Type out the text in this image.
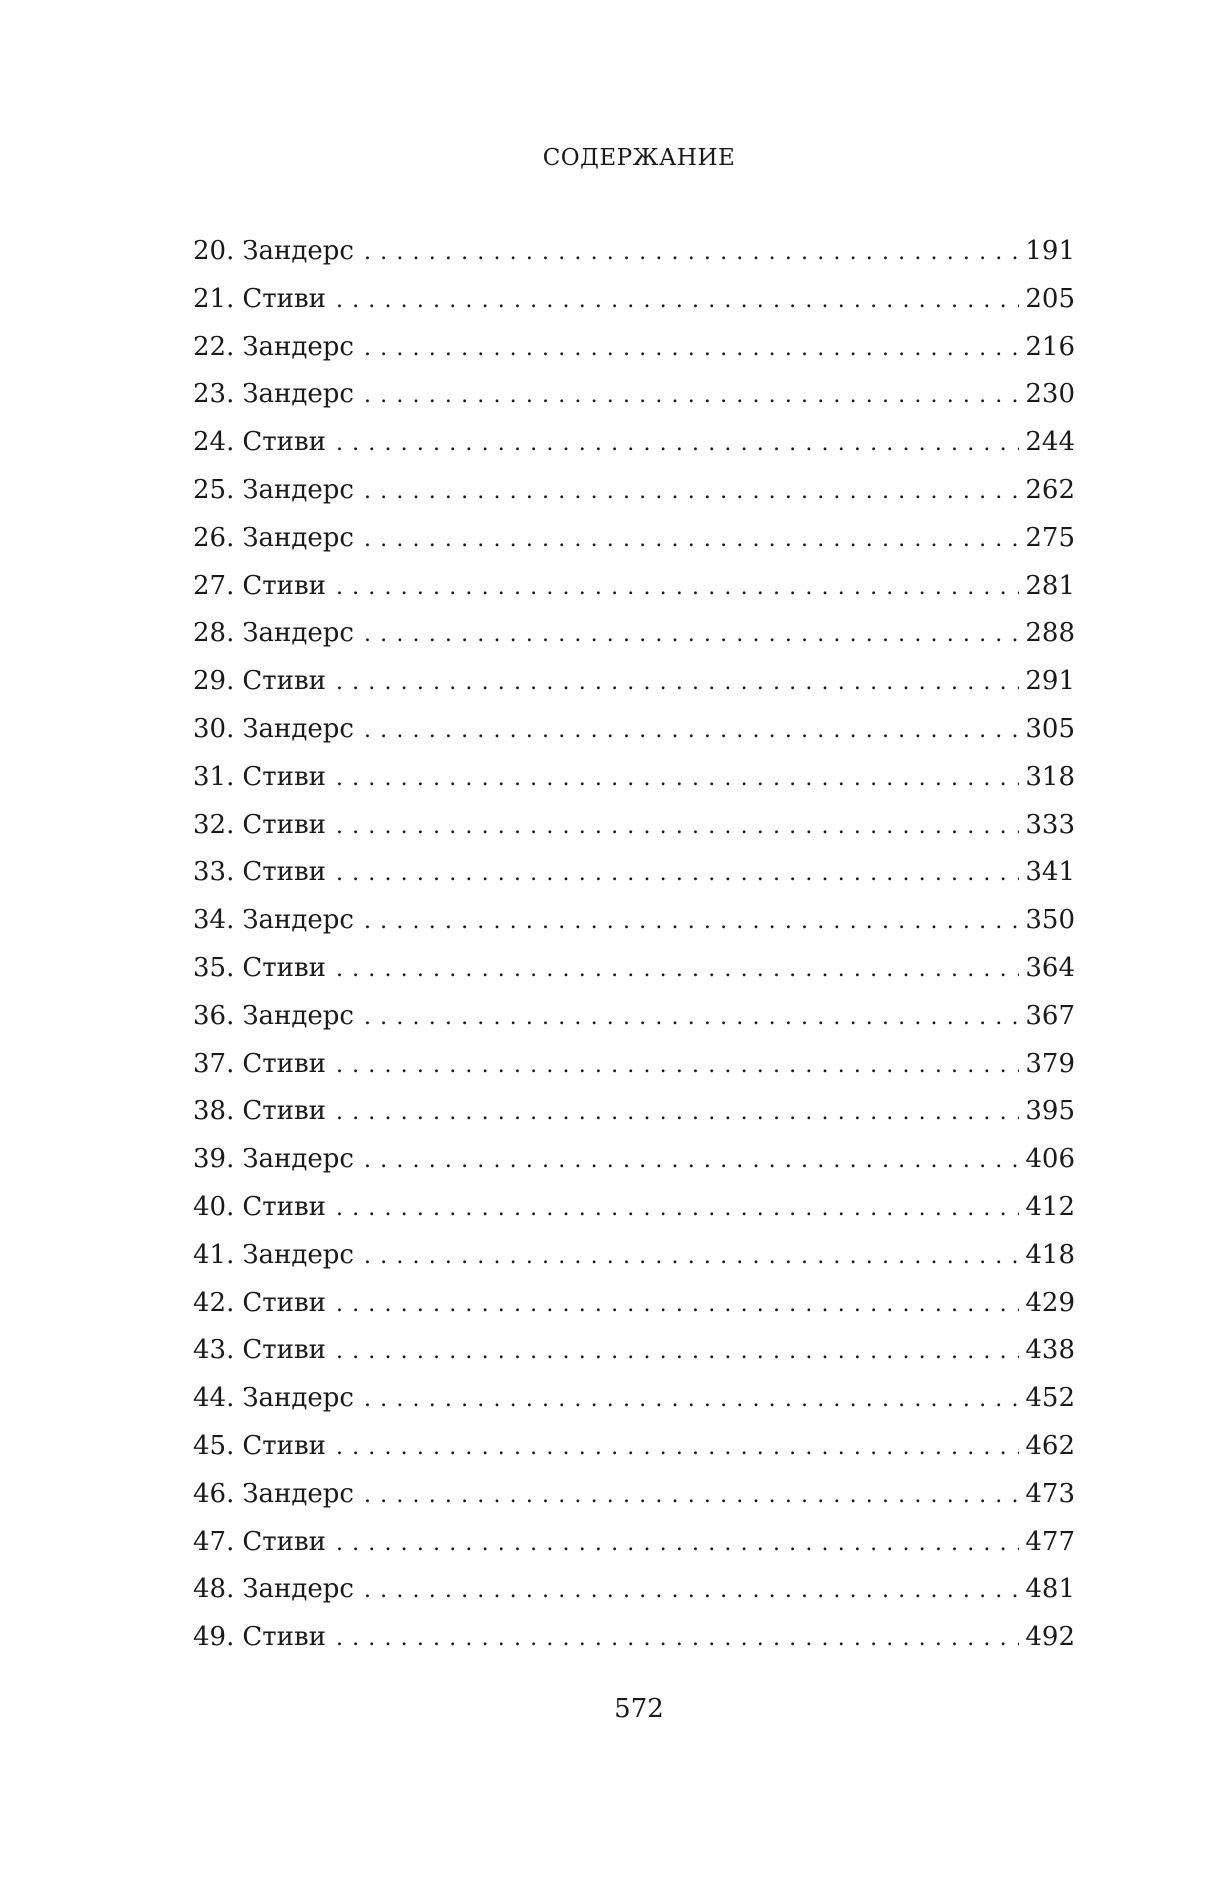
СОДЕРЖАНИЕ
20. Зандерс . . .	191
21. Стиви . . .	205
22. Зандерс . . .	216
23. Зандерс . . .	230
24. Стиви . . .	244
25. Зандерс . . .	262
26. Зандерс . . .	275
27. Стиви . . .	281
28. Зандерс . . .	288
29. Стиви . . .	291
30. Зандерс . . .	305
31. Стиви . . .	318
32. Стиви . . .	333
33. Стиви . . .	341
34. Зандерс . . .	350
35. Стиви . . .	364
36. Зандерс . . .	367
37. Стиви . . .	379
38. Стиви . . .	395
39. Зандерс . . .	406
40. Стиви . . .	412
41. Зандерс . . .	418
42. Стиви . . .	429
43. Стиви . . .	438
44. Зандерс . . .	452
45. Стиви . . .	462
46. Зандерс . . .	473
47. Стиви . . .	477
48. Зандерс . . .	481
49. Стиви . . .	492
572
